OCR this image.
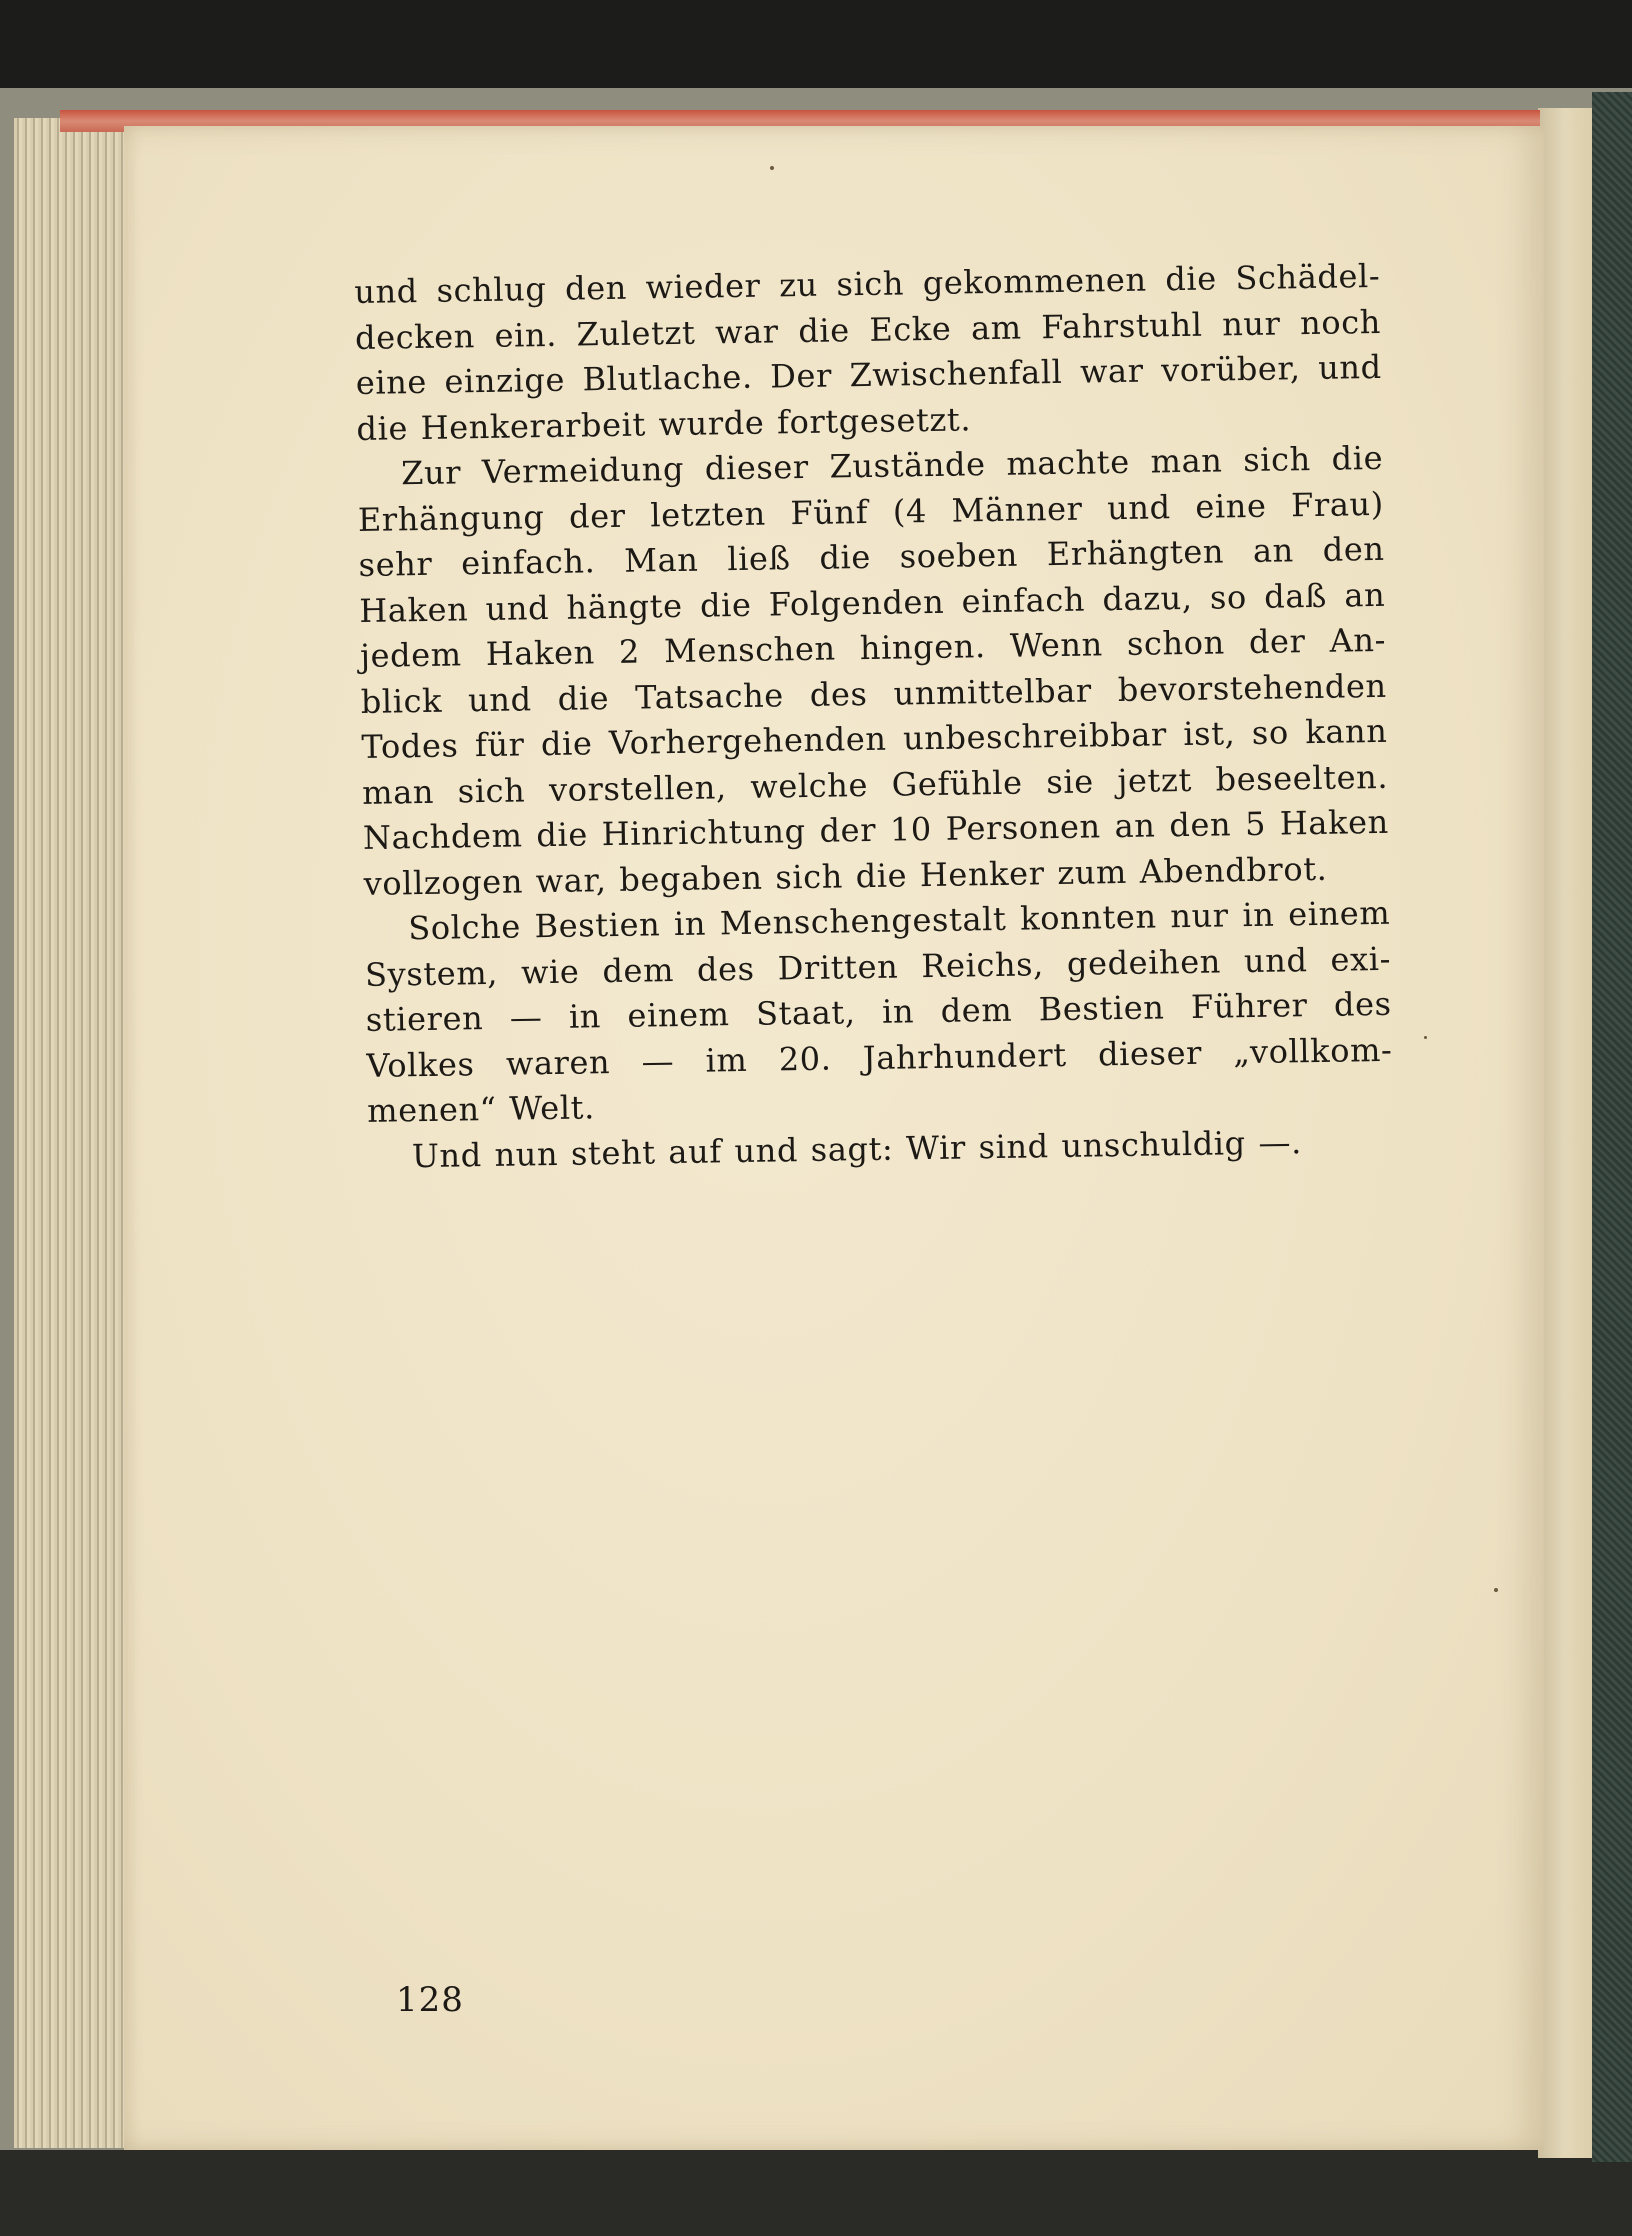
und schlug den wieder zu sich gekommenen die Schädel-
decken ein. Zuletzt war die Ecke am Fahrstuhl nur noch
eine einzige Blutlache. Der Zwischenfall war vorüber, und
die Henkerarbeit wurde fortgesetzt.
Zur Vermeidung dieser Zustände machte man sich die
Erhängung der letzten Fünf (4 Männer und eine Frau)
sehr einfach. Man ließ die soeben Erhängten an den
Haken und hängte die Folgenden einfach dazu, so daß an
jedem Haken 2 Menschen hingen. Wenn schon der An-
blick und die Tatsache des unmittelbar bevorstehenden
Todes für die Vorhergehenden unbeschreibbar ist, so kann
man sich vorstellen, welche Gefühle sie jetzt beseelten.
Nachdem die Hinrichtung der 10 Personen an den 5 Haken
vollzogen war, begaben sich die Henker zum Abendbrot.
Solche Bestien in Menschengestalt konnten nur in einem
System, wie dem des Dritten Reichs, gedeihen und exi-
stieren — in einem Staat, in dem Bestien Führer des
Volkes waren — im 20. Jahrhundert dieser „vollkom-
menen“ Welt.
Und nun steht auf und sagt: Wir sind unschuldig —.
128
